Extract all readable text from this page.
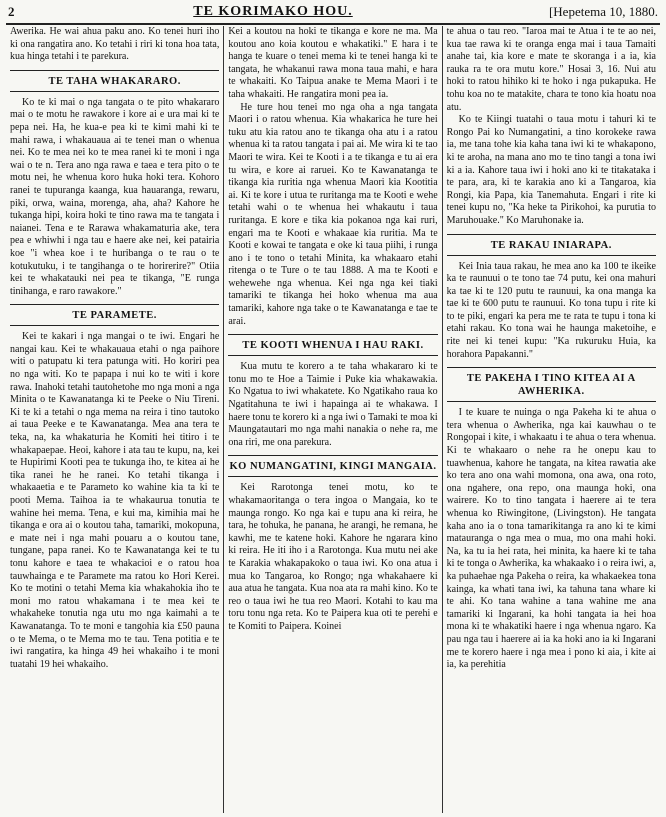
2	TE KORIMAKO HOU.	[Hepetema 10, 1880.

Awerika. He wai ahua paku ano. Ko tenei huri iho ki ona rangatira ano. Ko tetahi i riri ki tona hoa tata, kua hinga tetahi i te parekura.

TE TAHA WHAKARARO.

Ko te ki mai o nga tangata o te pito whakararo mai o te motu he rawakore i kore ai e ura mai ki te pepa nei. Ha, he kua-e pea ki te kimi mahi ki te mahi rawa, i whakauaua ai te tenei man o whenua nei. Ko te mea nei ko te mea ranei ki te moni i nga wai o te n. Tera ano nga rawa e taea e tera pito o te motu nei, he whenua koro huka hoki tera. Kohoro ranei te tupuranga kaanga, kua hauaranga, rewaru, piki, orwa, waina, morenga, aha, aha? Kahore he tukanga hipi, koira hoki te tino rawa ma te tangata i naianei. Tena e te Rarawa whakamaturia ake, tera pea e whiwhi i nga tau e haere ake nei, kei patairia koe "i whea koe i te huribanga o te rau o te kotukutuku, i te tangihanga o te horirerire?" Otiia kei te whakatauki nei pea te tikanga, "E runga tinihanga, e raro rawakore."

TE PARAMETE.

Kei te kakari i nga mangai o te iwi. Engari he nangai kau. Kei te whakauaua etahi o nga paihore witi o patupatu ki tera patunga witi. Ho koriri pea no nga witi. Ko te papapa i nui ko te witi i kore rawa. Inahoki tetahi tautohetohe mo nga moni a nga Minita o te Kawanatanga ki te Peeke o Niu Tireni. Ki te ki a tetahi o nga mema na reira i tino tautoko ai taua Peeke e te Kawanatanga. Mea ana tera te teka, na, ka whakaturia he Komiti hei titiro i te whakapaepae. Heoi, kahore i ata tau te kupu, na, kei te Hupirimi Kooti pea te tukunga iho, te kitea ai he tika ranei he he ranei. Ko tetahi tikanga i whakaaetia e te Parameto ko wahine kia ta ki te pooti Mema. Taihoa ia te whakaurua tonutia te wahine hei mema. Tena, e kui ma, kimihia mai he tikanga e ora ai o koutou taha, tamariki, mokopuna, e mate nei i nga mahi pouaru a o koutou tane, tungane, papa ranei. Ko te Kawanatanga kei te tu tonu kahore e taea te whakacioi e o ratou hoa tauwhainga e te Paramete ma ratou ko Hori Kerei. Ko te motini o tetahi Mema kia whakahokia iho te moni mo ratou whakamana i te mea kei te whakaheke tonutia nga utu mo nga kaimahi a te Kawanatanga. To te moni e tangohia kia £50 pauna o te Mema, o te Mema mo te tau. Tena potitia e te iwi rangatira, ka hinga 49 hei whakaiho i te moni tuatahi 19 hei whakaiho.

Kei a koutou na hoki te tikanga e kore ne ma. Ma koutou ano koia koutou e whakatiki." E hara i te hanga te kuare o tenei mema ki te tenei hanga ki te tangata, he whakanui rawa mona taua mahi, e hara te whakaiti. Ko Taipua anake te Mema Maori i te taha whakaiti. He rangatira moni pea ia.

He ture hou tenei mo nga oha a nga tangata Maori i o ratou whenua. Kia whakarica he ture hei tuku atu kia ratou ano te tikanga oha atu i a ratou whenua ki ta ratou tangata i pai ai. Me wira ki te tao Maori te wira. Kei te Kooti i a te tikanga e tu ai era tu wira, e kore ai raruei. Ko te Kawanatanga te tikanga kia ruritia nga whenua Maori kia Kootitia ai. Ki te kore i utua te ruritanga ma te Kooti e wehe tetahi wahi o te whenua hei whakautu i taua ruritanga. E kore e tika kia pokanoa nga kai ruri, engari ma te Kooti e whakaae kia ruritia. Ma te Kooti e kowai te tangata e oke ki taua piihi, i runga ano i te tono o tetahi Minita, ka whakaaro etahi ritenga o te Ture o te tau 1888. A ma te Kooti e wehewehe nga whenua. Kei nga nga kei tiaki tamariki te tikanga hei hoko whenua ma aua tamariki, kahore nga take o te Kawanatanga e tae te arai.

TE KOOTI WHENUA I HAU RAKI.

Kua mutu te korero a te taha whakararo ki te tonu mo te Hoe a Taimie i Puke kia whakawakia. Ko Ngatua to iwi whakatete. Ko Ngatikaho raua ko Ngatitahuna te iwi i hapainga ai te whakawa. I haere tonu te korero ki a nga iwi o Tamaki te moa ki Maungatautari mo nga mahi nanakia o nehe ra, me ona riri, me ona parekura.

KO NUMANGATINI, KINGI MANGAIA.

Kei Rarotonga tenei motu, ko te whakamaoritanga o tera ingoa o Mangaia, ko te maunga rongo. Ko nga kai e tupu ana ki reira, he tara, he tohuka, he panana, he arangi, he remana, he kawhi, me te katene hoki. Kahore he ngarara kino ki reira. He iti iho i a Rarotonga. Kua mutu nei ake te Karakia whakapakoko o taua iwi. Ko ona atua i mua ko Tangaroa, ko Rongo; nga whakahaere ki aua atua he tangata. Kua noa ata ra mahi kino. Ko te reo o taua iwi he tua reo Maori. Kotahi to kau ma toru tonu nga reta. Ko te Paipera kua oti te perehi e te Komiti to Paipera. Koinei

te ahua o tau reo. "Iaroa mai te Atua i te te ao nei, kua tae rawa ki te oranga enga mai i taua Tamaiti anahe tai, kia kore e mate te skoranga i a ia, kia rauka ra te ora mutu kore." Hosai 3, 16. Nui atu hoki to ratou hihiko ki te hoko i nga pukapuka. He tohu koa no te matakite, chara te tono kia hoatu noa atu.

Ko te Kiingi tuatahi o taua motu i tahuri ki te Rongo Pai ko Numangatini, a tino korokeke rawa ia, me tana tohe kia kaha tana iwi ki te whakapono, ki te aroha, na mana ano mo te tino tangi a tona iwi ki a ia. Kahore taua iwi i hoki ano ki te titakataka i te para, ara, ki te karakia ano ki a Tangaroa, kia Rongi, kia Papa, kia Tanemahuta. Engari i rite ki tenei kupu no, "Ka heke ta Pirikohoi, ka purutia to Maruhouake." Ko Maruhonake ia.

TE RAKAU INIARAPA.

Kei Inia taua rakau, he mea ano ka 100 te ikeike ka te raunuui o te tono tae 74 putu, kei ona mahuri ka tae ki te 120 putu te raunuui, ka ona manga ka tae ki te 600 putu te raunuui. Ko tona tupu i rite ki to te piki, engari ka pera me te rata te tupu i tona ki etahi rakau. Ko tona wai he haunga maketoihe, e rite nei ki tenei kupu: "Ka rukuruku Huia, ka horahora Papakanni."

TE PAKEHA I TINO KITEA AI A AWHERIKA.

I te kuare te nuinga o nga Pakeha ki te ahua o tera whenua o Awherika, nga kai kauwhau o te Rongopai i kite, i whakaatu i te ahua o tera whenua. Ki te whakaaro o nehe ra he onepu kau to tuawhenua, kahore he tangata, na kitea rawatia ake ko tera ano ona wahi momona, ona awa, ona roto, ona ngahere, ona repo, ona maunga hoki, ona wairere. Ko to tino tangata i haerere ai te tera whenua ko Riwingitone, (Livingston). He tangata kaha ano ia o tona tamarikitanga ra ano ki te kimi matauranga o nga mea o mua, mo ona mahi hoki. Na, ka tu ia hei rata, hei minita, ka haere ki te taha ki te tonga o Awherika, ka whakaako i o reira iwi, a, ka puhaehae nga Pakeha o reira, ka whakaekea tona kainga, ka whati tana iwi, ka tahuna tana whare ki te ahi. Ko tana wahine a tana wahine me ana tamariki ki Ingarani, ka hohi tangata ia hei hoa mona ki te whakatiki haere i nga whenua ngaro. Ka pau nga tau i haerere ai ia ka hoki ano ia ki Ingarani me te korero haere i nga mea i pono ki aia, i kite ai ia, ka perehitia
